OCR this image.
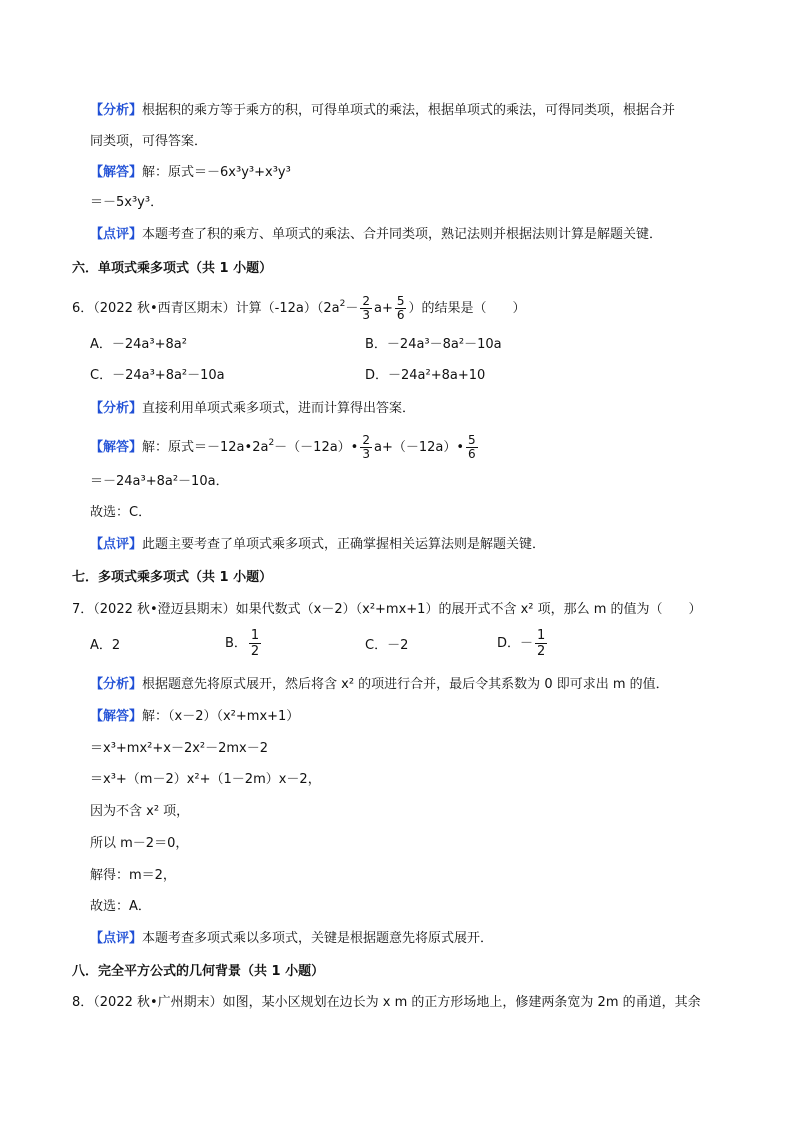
【分析】根据积的乘方等于乘方的积，可得单项式的乘法，根据单项式的乘法，可得同类项，根据合并
同类项，可得答案．
【解答】解：原式＝－6x³y³+x³y³
＝－5x³y³．
【点评】本题考查了积的乘方、单项式的乘法、合并同类项，熟记法则并根据法则计算是解题关键．
六．单项式乘多项式（共 1 小题）
6．（2022 秋•西青区期末）计算$(-12a)(2a^2- \frac{2}{3} a+ \frac{5}{6}$ ）的结果是（　　）
A．－24a³+8a²	B．－24a³－8a²－10a
C．－24a³+8a²－10a	D．－24a²+8a+10
【分析】直接利用单项式乘多项式，进而计算得出答案．
【解答】解：原式$=-12a•2a^2-(-12a)• \frac{2}{3}$ a+（－12a）• $\frac{5}{6}$
＝－24a³+8a²－10a．
故选：C．
【点评】此题主要考查了单项式乘多项式，正确掌握相关运算法则是解题关键．
七．多项式乘多项式（共 1 小题）
7．（2022 秋•澄迈县期末）如果代数式（x－2）（x²+mx+1）的展开式不含 x² 项，那么 m 的值为（　　）
A．2	B． $\frac{1}{2}$	C．－2	D．－ $\frac{1}{2}$
【分析】根据题意先将原式展开，然后将含 x² 的项进行合并，最后令其系数为 0 即可求出 m 的值．
【解答】解：（x－2）（x²+mx+1）
＝x³+mx²+x－2x²－2mx－2
＝x³+（m－2）x²+（1－2m）x－2，
因为不含 x² 项，
所以 m－2＝0，
解得：m＝2，
故选：A．
【点评】本题考查多项式乘以多项式，关键是根据题意先将原式展开．
八．完全平方公式的几何背景（共 1 小题）
8．（2022 秋•广州期末）如图，某小区规划在边长为 x m 的正方形场地上，修建两条宽为 2m 的甬道，其余
